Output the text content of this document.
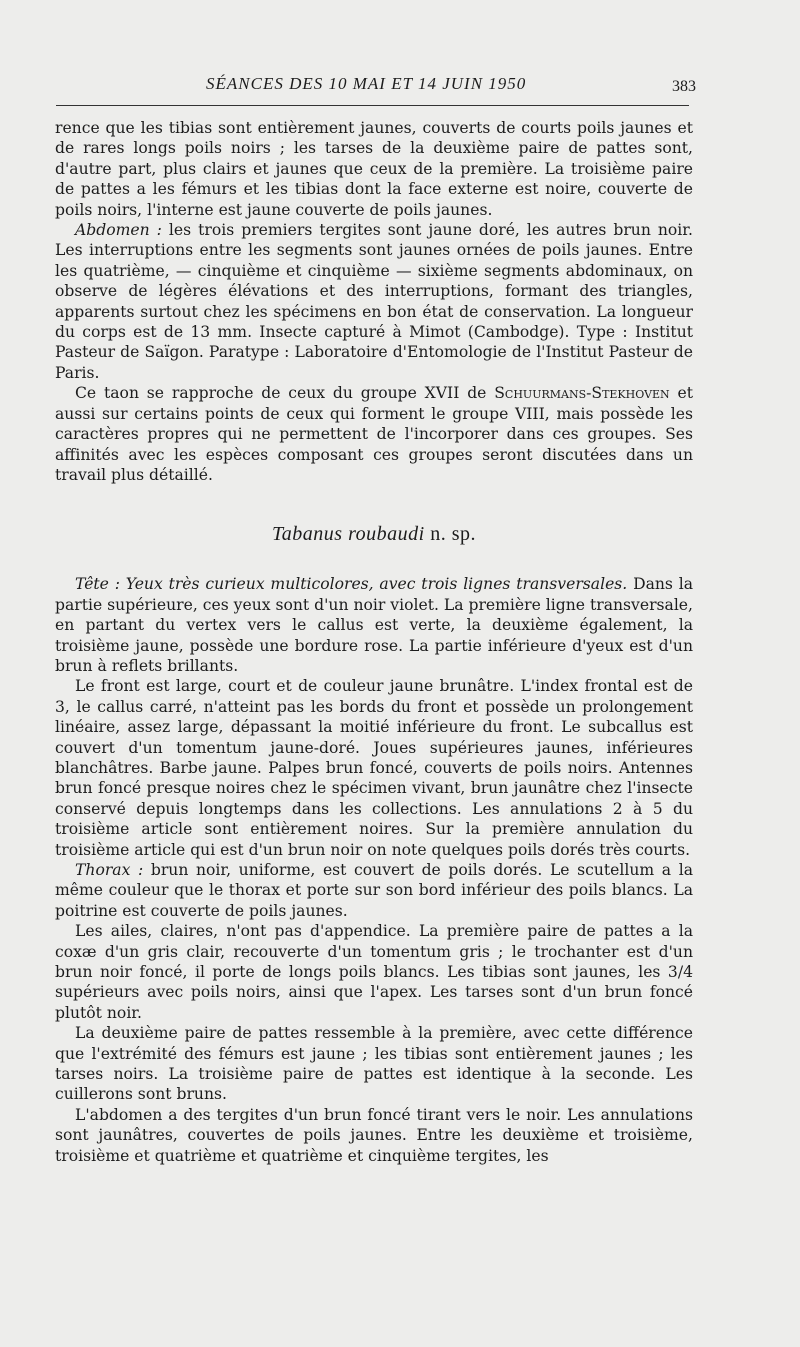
SÉANCES DES 10 MAI ET 14 JUIN 1950	383

rence que les tibias sont entièrement jaunes, couverts de courts poils jaunes et de rares longs poils noirs ; les tarses de la deuxième paire de pattes sont, d'autre part, plus clairs et jaunes que ceux de la première. La troisième paire de pattes a les fémurs et les tibias dont la face externe est noire, couverte de poils noirs, l'interne est jaune couverte de poils jaunes.

Abdomen : les trois premiers tergites sont jaune doré, les autres brun noir. Les interruptions entre les segments sont jaunes ornées de poils jaunes. Entre les quatrième, — cinquième et cinquième — sixième segments abdominaux, on observe de légères élévations et des interruptions, formant des triangles, apparents surtout chez les spécimens en bon état de conservation. La longueur du corps est de 13 mm. Insecte capturé à Mimot (Cambodge). Type : Institut Pasteur de Saïgon. Paratype : Laboratoire d'Entomologie de l'Institut Pasteur de Paris.

Ce taon se rapproche de ceux du groupe XVII de Schuurmans-Stekhoven et aussi sur certains points de ceux qui forment le groupe VIII, mais possède les caractères propres qui ne permettent de l'incorporer dans ces groupes. Ses affinités avec les espèces composant ces groupes seront discutées dans un travail plus détaillé.

Tabanus roubaudi n. sp.

Tête : Yeux très curieux multicolores, avec trois lignes transversales. Dans la partie supérieure, ces yeux sont d'un noir violet. La première ligne transversale, en partant du vertex vers le callus est verte, la deuxième également, la troisième jaune, possède une bordure rose. La partie inférieure d'yeux est d'un brun à reflets brillants.

Le front est large, court et de couleur jaune brunâtre. L'index frontal est de 3, le callus carré, n'atteint pas les bords du front et possède un prolongement linéaire, assez large, dépassant la moitié inférieure du front. Le subcallus est couvert d'un tomentum jaune-doré. Joues supérieures jaunes, inférieures blanchâtres. Barbe jaune. Palpes brun foncé, couverts de poils noirs. Antennes brun foncé presque noires chez le spécimen vivant, brun jaunâtre chez l'insecte conservé depuis longtemps dans les collections. Les annulations 2 à 5 du troisième article sont entièrement noires. Sur la première annulation du troisième article qui est d'un brun noir on note quelques poils dorés très courts.

Thorax : brun noir, uniforme, est couvert de poils dorés. Le scutellum a la même couleur que le thorax et porte sur son bord inférieur des poils blancs. La poitrine est couverte de poils jaunes.

Les ailes, claires, n'ont pas d'appendice. La première paire de pattes a la coxæ d'un gris clair, recouverte d'un tomentum gris ; le trochanter est d'un brun noir foncé, il porte de longs poils blancs. Les tibias sont jaunes, les 3/4 supérieurs avec poils noirs, ainsi que l'apex. Les tarses sont d'un brun foncé plutôt noir.

La deuxième paire de pattes ressemble à la première, avec cette différence que l'extrémité des fémurs est jaune ; les tibias sont entièrement jaunes ; les tarses noirs. La troisième paire de pattes est identique à la seconde. Les cuillerons sont bruns.

L'abdomen a des tergites d'un brun foncé tirant vers le noir. Les annulations sont jaunâtres, couvertes de poils jaunes. Entre les deuxième et troisième, troisième et quatrième et quatrième et cinquième tergites, les
